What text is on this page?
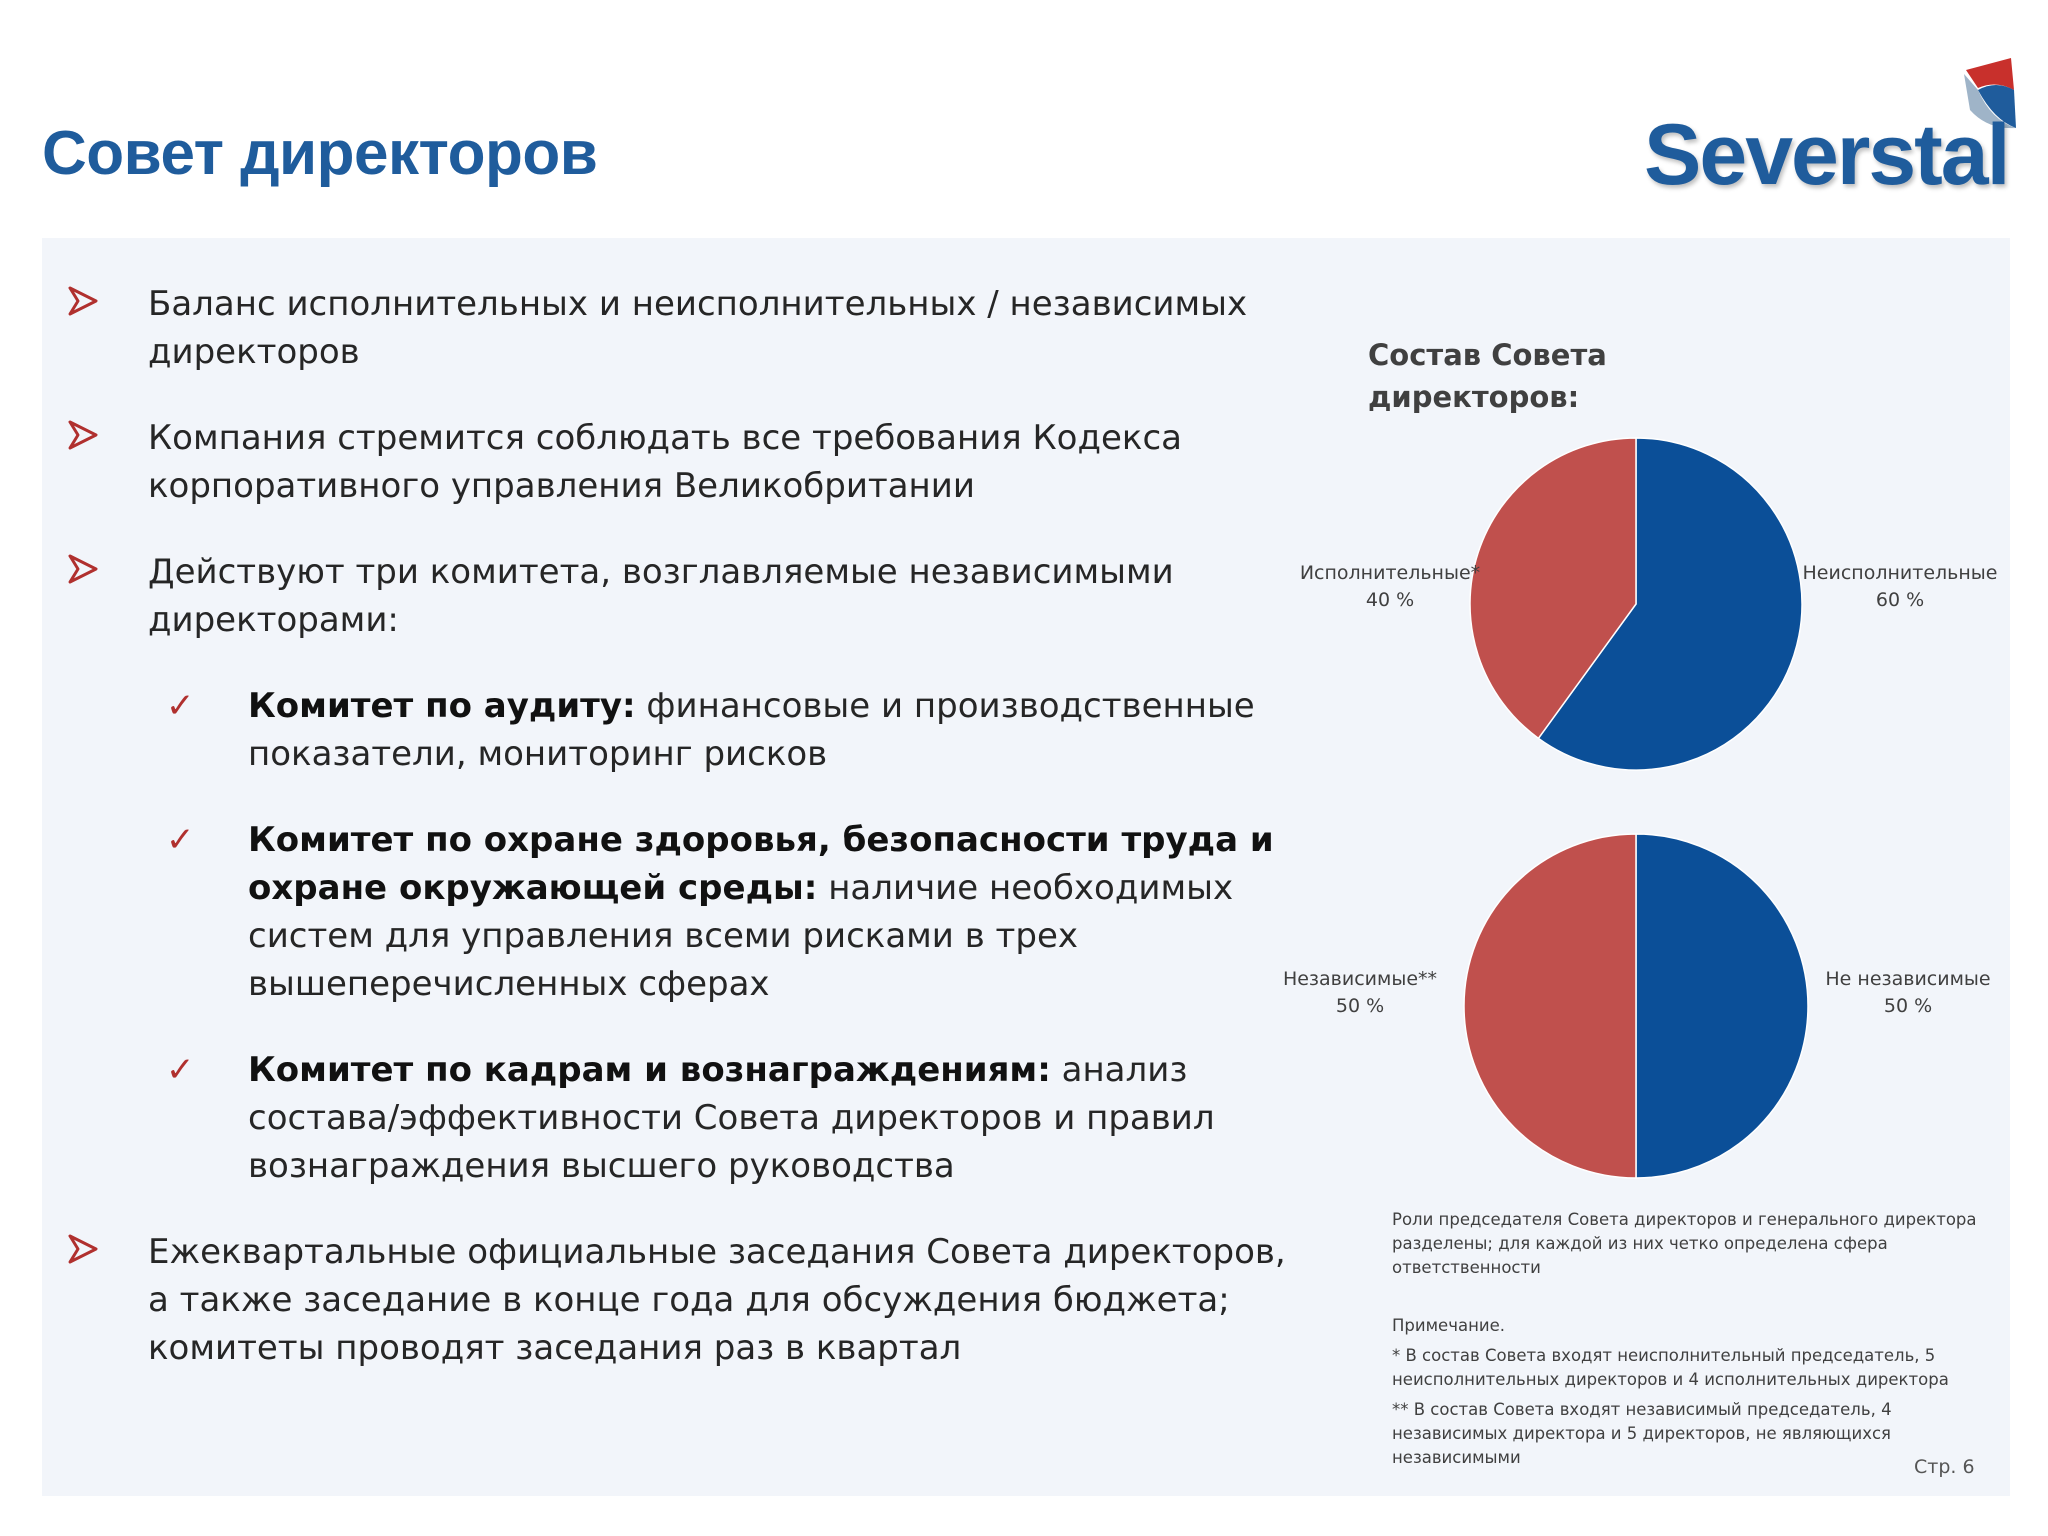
Совет директоров	Severstal
Баланс исполнительных и неисполнительных / независимых директоров
Компания стремится соблюдать все требования Кодекса корпоративного управления Великобритании
Действуют три комитета, возглавляемые независимыми директорами:
✓ Комитет по аудиту: финансовые и производственные показатели, мониторинг рисков
✓ Комитет по охране здоровья, безопасности труда и охране окружающей среды: наличие необходимых систем для управления всеми рисками в трех вышеперечисленных сферах
✓ Комитет по кадрам и вознаграждениям: анализ состава/эффективности Совета директоров и правил вознаграждения высшего руководства
Ежеквартальные официальные заседания Совета директоров, а также заседание в конце года для обсуждения бюджета; комитеты проводят заседания раз в квартал
Состав Совета директоров:
Исполнительные*
40 %
Неисполнительные
60 %
Независимые**
50 %
Не независимые
50 %
Роли председателя Совета директоров и генерального директора разделены; для каждой из них четко определена сфера ответственности
Примечание.
* В состав Совета входят неисполнительный председатель, 5 неисполнительных директоров и 4 исполнительных директора
** В состав Совета входят независимый председатель, 4 независимых директора и 5 директоров, не являющихся независимыми	Стр. 6
